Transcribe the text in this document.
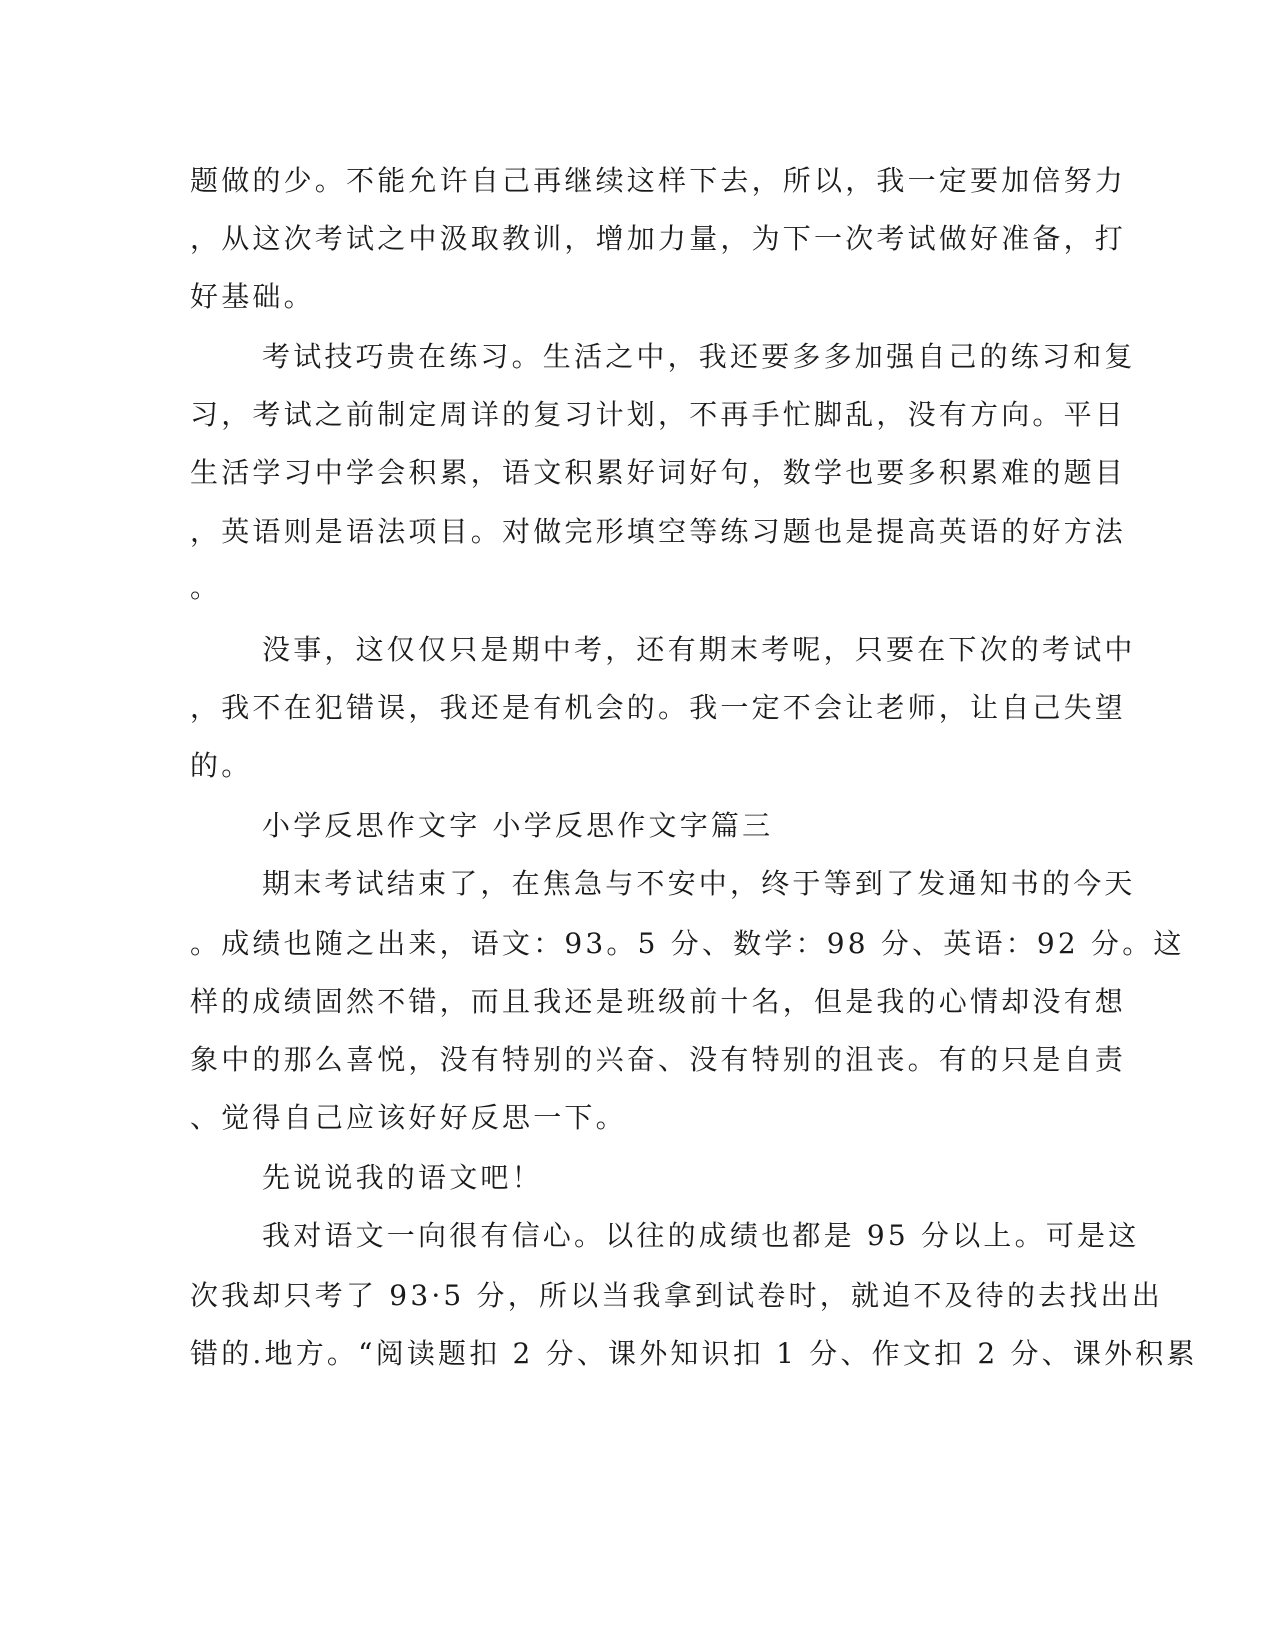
题做的少。不能允许自己再继续这样下去，所以，我一定要加倍努力

，从这次考试之中汲取教训，增加力量，为下一次考试做好准备，打

好基础。

考试技巧贵在练习。生活之中，我还要多多加强自己的练习和复

习，考试之前制定周详的复习计划，不再手忙脚乱，没有方向。平日

生活学习中学会积累，语文积累好词好句，数学也要多积累难的题目

，英语则是语法项目。对做完形填空等练习题也是提高英语的好方法

。

没事，这仅仅只是期中考，还有期末考呢，只要在下次的考试中

，我不在犯错误，我还是有机会的。我一定不会让老师，让自己失望

的。

小学反思作文字 小学反思作文字篇三

期末考试结束了，在焦急与不安中，终于等到了发通知书的今天

。成绩也随之出来，语文：93。5 分、数学：98 分、英语：92 分。这

样的成绩固然不错，而且我还是班级前十名，但是我的心情却没有想

象中的那么喜悦，没有特别的兴奋、没有特别的沮丧。有的只是自责

、觉得自己应该好好反思一下。

先说说我的语文吧！

我对语文一向很有信心。以往的成绩也都是 95 分以上。可是这

次我却只考了 93·5 分，所以当我拿到试卷时，就迫不及待的去找出出

错的.地方。“阅读题扣 2 分、课外知识扣 1 分、作文扣 2 分、课外积累
